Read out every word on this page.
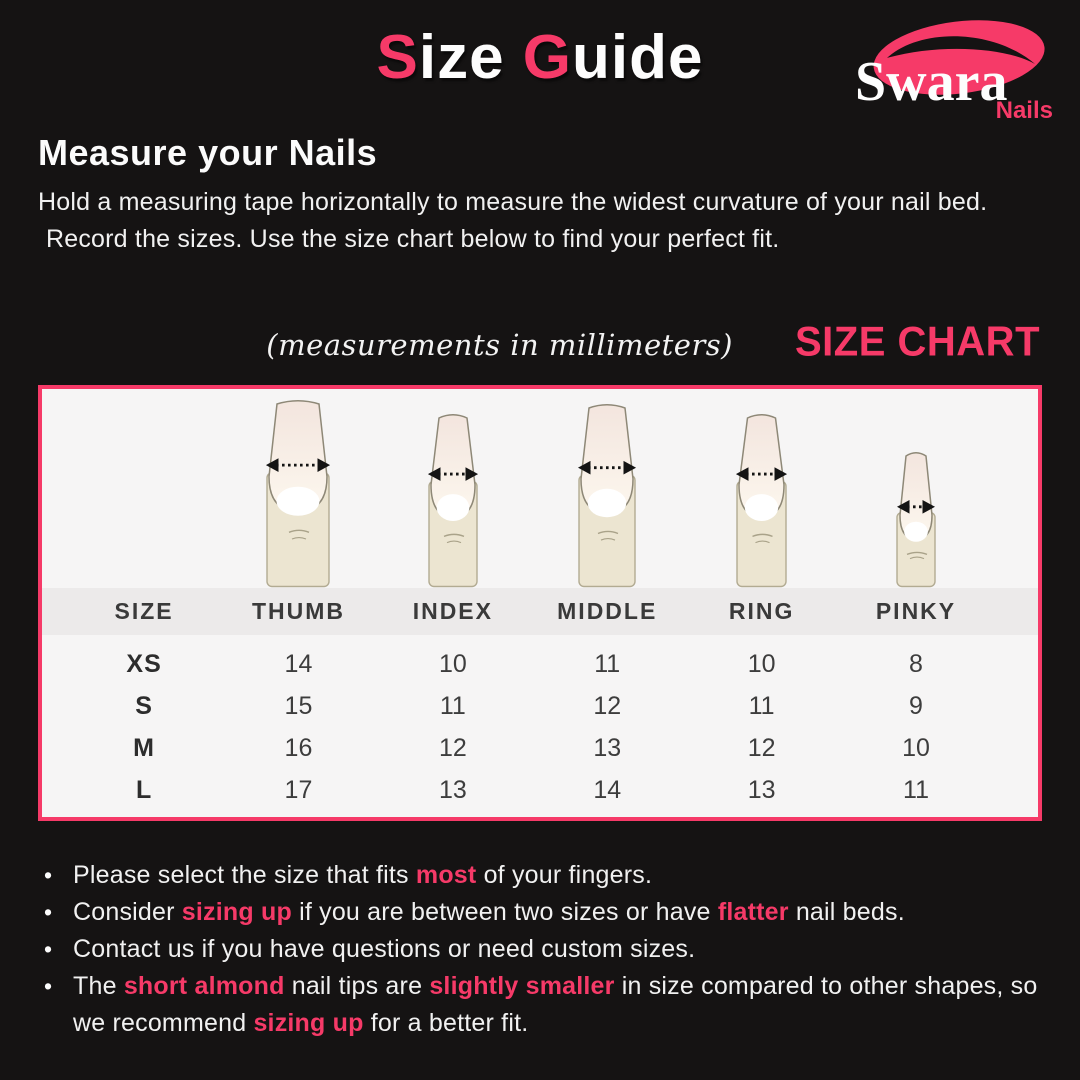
Size Guide	Swara
Nails
Measure your Nails

Hold a measuring tape horizontally to measure the widest curvature of your nail bed.

Record the sizes. Use the size chart below to find your perfect fit.

(measurements in millimeters) SIZE CHART
SIZE	THUMB	INDEX	MIDDLE	RING	PINKY
XS	14	10	11	10	8
S	15	11	12	11	9
M	16	12	13	12	10
L	17	13	14	13	11
• Please select the size that fits most of your fingers.
• Consider sizing up if you are between two sizes or have flatter nail beds.
• Contact us if you have questions or need custom sizes.
• The short almond nail tips are slightly smaller in size compared to other shapes, so we recommend sizing up for a better fit.
